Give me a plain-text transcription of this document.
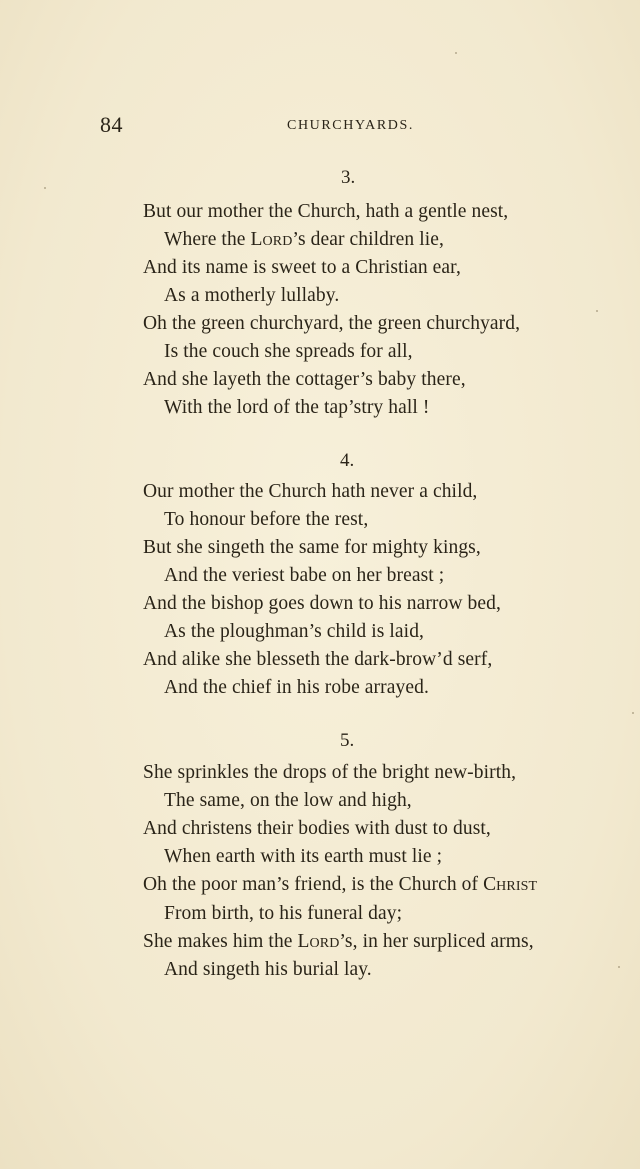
84	CHURCHYARDS.
3.
But our mother the Church, hath a gentle nest,
Where the Lord’s dear children lie,
And its name is sweet to a Christian ear,
As a motherly lullaby.
Oh the green churchyard, the green churchyard,
Is the couch she spreads for all,
And she layeth the cottager’s baby there,
With the lord of the tap’stry hall !
4.
Our mother the Church hath never a child,
To honour before the rest,
But she singeth the same for mighty kings,
And the veriest babe on her breast ;
And the bishop goes down to his narrow bed,
As the ploughman’s child is laid,
And alike she blesseth the dark-brow’d serf,
And the chief in his robe arrayed.
5.
She sprinkles the drops of the bright new-birth,
The same, on the low and high,
And christens their bodies with dust to dust,
When earth with its earth must lie ;
Oh the poor man’s friend, is the Church of Christ
From birth, to his funeral day;
She makes him the Lord’s, in her surpliced arms,
And singeth his burial lay.
